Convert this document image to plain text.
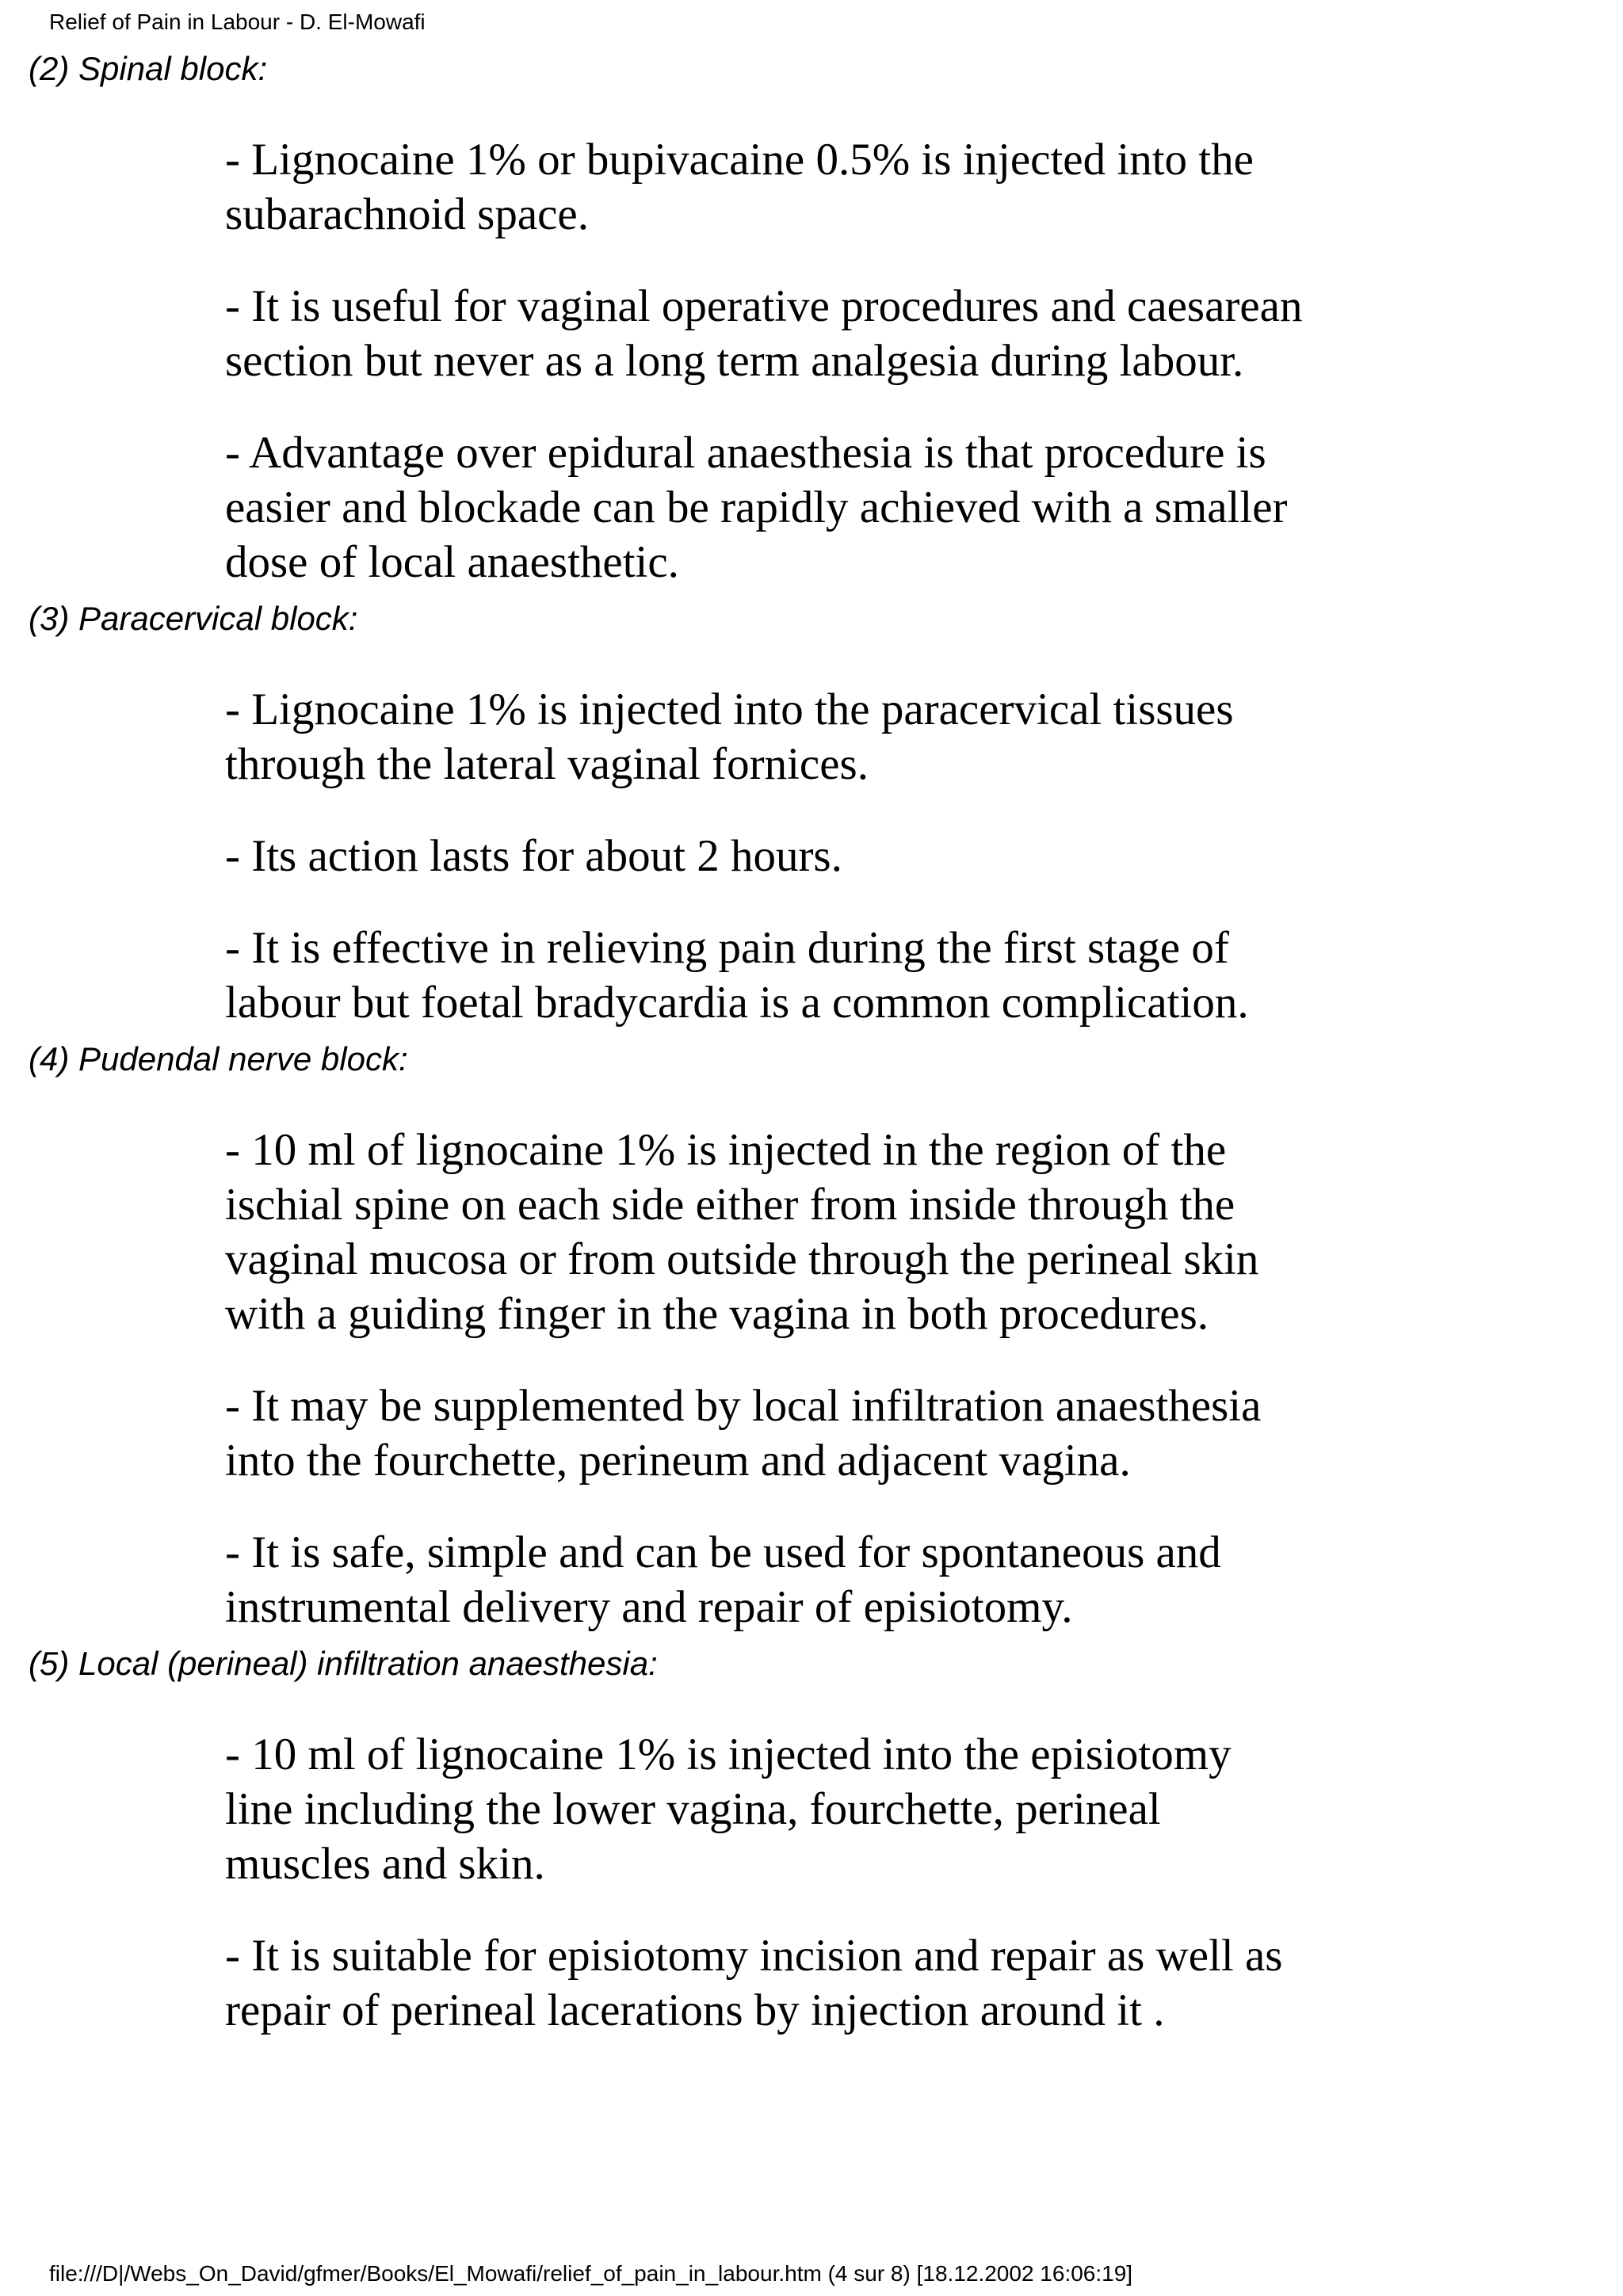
Relief of Pain in Labour - D. El-Mowafi
(2) Spinal block:

- Lignocaine 1% or bupivacaine 0.5% is injected into the
subarachnoid space.

- It is useful for vaginal operative procedures and caesarean
section but never as a long term analgesia during labour.

- Advantage over epidural anaesthesia is that procedure is
easier and blockade can be rapidly achieved with a smaller
dose of local anaesthetic.

(3) Paracervical block:

- Lignocaine 1% is injected into the paracervical tissues
through the lateral vaginal fornices.

- Its action lasts for about 2 hours.

- It is effective in relieving pain during the first stage of
labour but foetal bradycardia is a common complication.

(4) Pudendal nerve block:

- 10 ml of lignocaine 1% is injected in the region of the
ischial spine on each side either from inside through the
vaginal mucosa or from outside through the perineal skin
with a guiding finger in the vagina in both procedures.

- It may be supplemented by local infiltration anaesthesia
into the fourchette, perineum and adjacent vagina.

- It is safe, simple and can be used for spontaneous and
instrumental delivery and repair of episiotomy.

(5) Local (perineal) infiltration anaesthesia:

- 10 ml of lignocaine 1% is injected into the episiotomy
line including the lower vagina, fourchette, perineal
muscles and skin.

- It is suitable for episiotomy incision and repair as well as
repair of perineal lacerations by injection around it .

file:///D|/Webs_On_David/gfmer/Books/El_Mowafi/relief_of_pain_in_labour.htm (4 sur 8) [18.12.2002 16:06:19]
